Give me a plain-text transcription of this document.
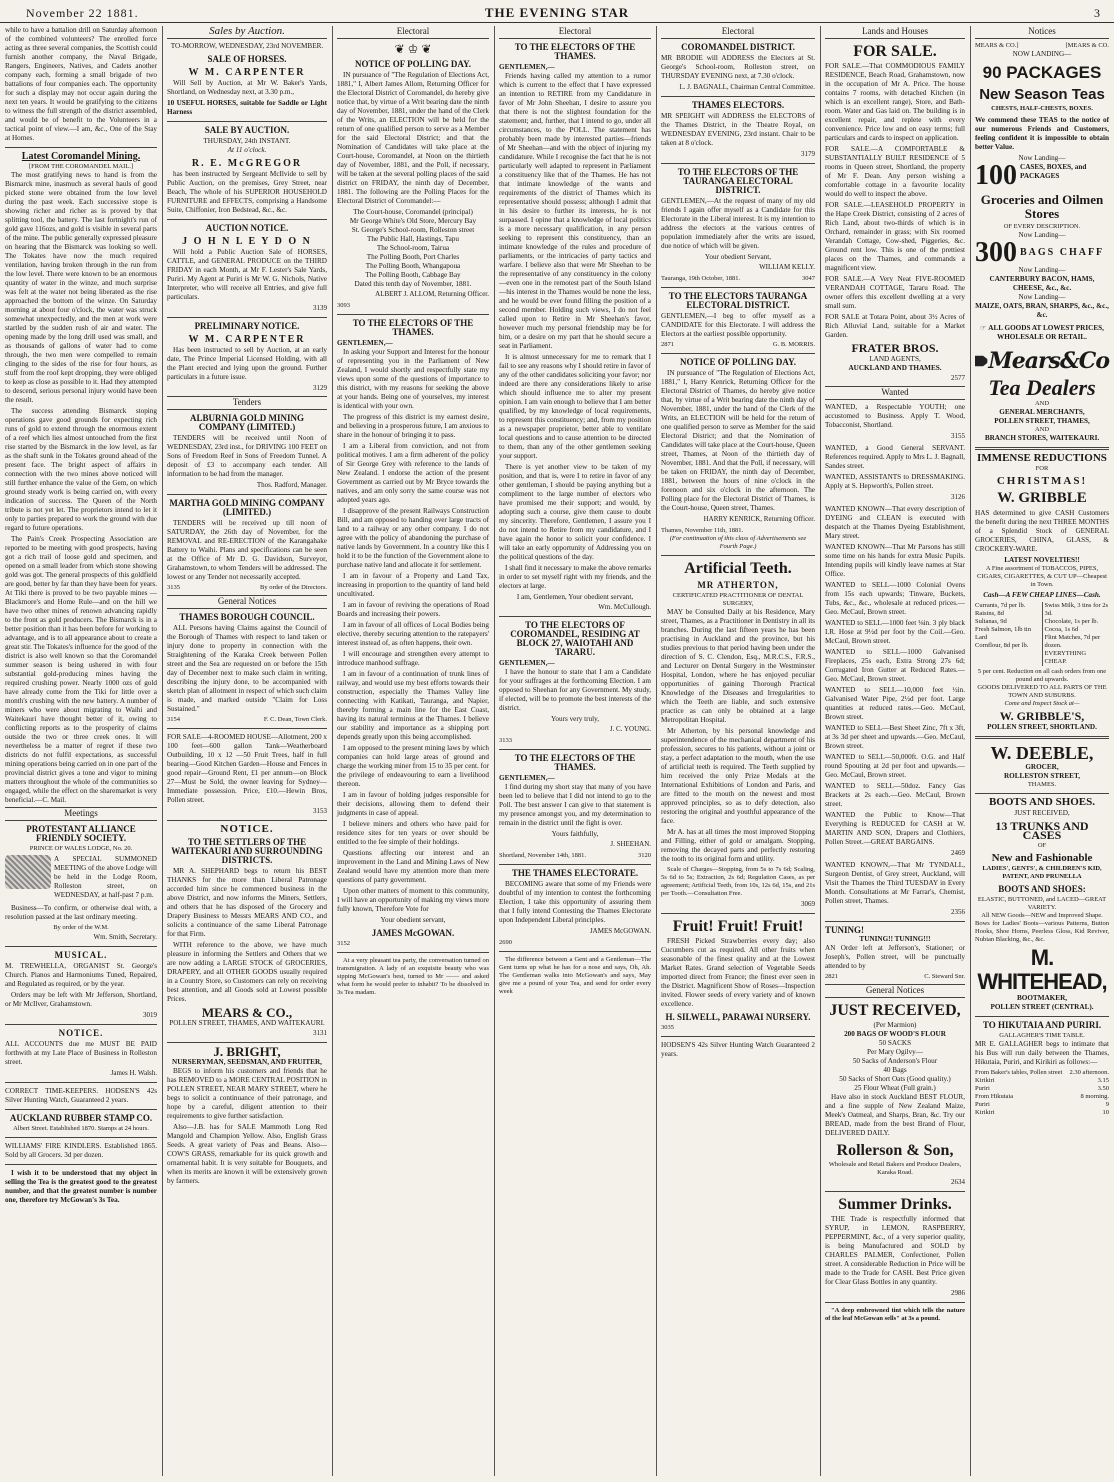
November 22 1881.	THE EVENING STAR	3

while to have a battalion drill on Saturday afternoon of the combined volunteers? The enrolled force acting as three several companies, the Scottish could furnish another company, the Naval Brigade, Rangers, Engineers, Natives, and Cadets another company each, forming a small brigade of two battalions of four companies each. The opportunity for such a display may not occur again during the next ten years. It would be gratifying to the citizens to witness the full strength of the district assembled, and would be of benefit to the Volunteers in a tactical point of view.—I am, &c., One of the Stay at Homes.

Latest Coromandel Mining.
[FROM THE COROMANDEL MAIL.]

The most gratifying news to hand is from the Bismarck mine, inasmuch as several hauls of good picked stone were obtained from the low level during the past week. Each successive stope is showing richer and richer as is proved by that splitting tool, the battery. The last fortnight's run of gold gave 116ozs, and gold is visible in several parts of the mine. The public generally expressed pleasure on hearing that the Bismarck was looking so well. The Tokates have now the much required ventilation, having broken through in the run from the low level. There were known to be an enormous quantity of water in the winze, and much surprise was felt at the water not being liberated as the rise approached the bottom of the winze. On Saturday morning at about four o'clock, the water was struck somewhat unexpectedly, and the men at work were startled by the sudden rush of air and water. The opening made by the long drill used was small, and as thousands of gallons of water had to come through, the two men were compelled to remain clinging to the sides of the rise for four hours, as stuff from the roof kept dropping, they were obliged to keep as close as possible to it. Had they attempted to descend, serious personal injury would have been the result.

The success attending Bismarck stoping operations gave good grounds for expecting rich runs of gold to extend through the enormous extent of a reef which lies almost untouched from the first rise started by the Bismarck in the low level, as far as the shaft sunk in the Tokates ground ahead of the present face. The bright aspect of affairs in connection with the two mines above noticed will still further enhance the value of the Gem, on which ground steady work is being carried on, with every indication of success. The Queen of the North tribute is not yet let. The proprietors intend to let it only to parties prepared to work the ground with due regard to future operations.

The Pain's Creek Prospecting Association are reported to be meeting with good prospects, having got a rich trail of loose gold and specimen, and opened on a small leader from which stone showing gold was got. The general prospects of this goldfield are good, better by far than they have been for years. At Tiki there is proved to be two payable mines — Blackmore's and Home Rule—and on the hill we have two other mines of renown advancing rapidly to the front as gold producers. The Bismarck is in a better position than it has been before for working to advantage, and is to all appearance about to create a great stir. The Tokates's influence for the good of the district is also well known so that the Coromandel summer season is being ushered in with four substantial gold-producing mines having the required crushing power. Nearly 1000 ozs of gold have already come from the Tiki for little over a month's crushing with the new battery. A number of miners who were about migrating to Waihi and Waitekauri have thought better of it, owing to conflicting reports as to the prosperity of claims outside the two or three creek ones. It will nevertheless be a matter of regret if these two districts do not fulfil expectations, as successful mining operations being carried on in one part of the provincial district gives a tone and vigor to mining matters throughout the whole of the communities so engaged, while the effect on the sharemarket is very beneficial.—C. Mail.

Meetings
PROTESTANT ALLIANCE FRIENDLY SOCIETY.
PRINCE OF WALES LODGE, No. 20.

A SPECIAL SUMMONED MEETING of the above Lodge will be held in the Lodge Room, Rolleston street, on WEDNESDAY, at half-past 7 p.m.

Business—To confirm, or otherwise deal with, a resolution passed at the last ordinary meeting.

By order of the W.M.
Wm. Smith, Secretary.
MUSICAL.

M. TREWHELLA, ORGANIST St. George's Church. Pianos and Harmoniums Tuned, Repaired, and Regulated as required, or by the year.

Orders may be left with Mr Jefferson, Shortland, or Mr McIlver, Grahamstown.

3019
NOTICE.

ALL ACCOUNTS due me MUST BE PAID forthwith at my Late Place of Business in Rolleston street.

James H. Walsh.

CORRECT TIME-KEEPERS. HODSEN'S 42s Silver Hunting Watch, Guaranteed 2 years.

AUCKLAND RUBBER STAMP CO.
Albert Street. Established 1870. Stamps at 24 hours.

WILLIAMS' FIRE KINDLERS. Established 1865. Sold by all Grocers. 3d per dozen.

I wish it to be understood that my object in selling the Tea is the greatest good to the greatest number, and that the greatest number is number one, therefore try McGowan's 3s Tea.

Sales by Auction.
TO-MORROW, WEDNESDAY, 23rd NOVEMBER.
SALE OF HORSES.
W M. CARPENTER

Will Sell by Auction, at Mr W. Baker's Yards, Shortland, on Wednesday next, at 3.30 p.m.,

10 USEFUL HORSES, suitable for Saddle or Light Harness

SALE BY AUCTION.
THURSDAY, 24th INSTANT.
At 11 o'clock.
R. E. McGREGOR

has been instructed by Sergeant McIlvide to sell by Public Auction, on the premises, Grey Street, near Beach, The whole of his SUPERIOR HOUSEHOLD FURNITURE and EFFECTS, comprising a Handsome Suite, Chiffonier, Iron Bedstead, &c., &c.

AUCTION NOTICE.
J O H N L E Y D O N

Will hold a Public Auction Sale of HORSES, CATTLE, and GENERAL PRODUCE on the THIRD FRIDAY in each Month, at Mr F. Lester's Sale Yards, Puriri. My Agent at Puriri is Mr W. G. Nichols, Native Interpreter, who will receive all Entries, and give full particulars.

3139
PRELIMINARY NOTICE.
W M. CARPENTER

Has been instructed to sell by Auction, at an early date, The Prince Imperial Licensed Holding, with all the Plant erected and lying upon the ground. Further particulars in a future issue.

3129
Tenders
ALBURNIA GOLD MINING COMPANY (LIMITED.)

TENDERS will be received until Noon of WEDNESDAY, 23rd inst., for DRIVING 100 FEET on Sons of Freedom Reef in Sons of Freedom Tunnel. A deposit of £3 to accompany each tender. All information to be had from the manager.

Thos. Radford, Manager.
MARTHA GOLD MINING COMPANY (LIMITED.)

TENDERS will be received up till noon of SATURDAY, the 26th day of November, for the REMOVAL and RE-ERECTION of the Karangahake Battery to Waihi. Plans and specifications can be seen at the Office of Mr D. G. Davidson, Surveyor, Grahamstown, to whom Tenders will be addressed. The lowest or any Tender not necessarily accepted.

3135	By order of the Directors.
General Notices
THAMES BOROUGH COUNCIL.

ALL Persons having Claims against the Council of the Borough of Thames with respect to land taken or injury done to property in connection with the Straightening of the Karaka Creek between Pollen street and the Sea are requested on or before the 15th day of December next to make such claim in writing, describing the injury done, to be accompanied with sketch plan of allotment in respect of which such claim is made, and marked outside "Claim for Loss Sustained."

3154	F. C. Dean, Town Clerk.

FOR SALE—4-ROOMED HOUSE—Allotment, 200 x 100 feet—600 gallon Tank—Weatherboard Outbuilding, 10 x 12 —50 Fruit Trees, half in full bearing—Good Kitchen Garden—House and Fences in good repair—Ground Rent, £1 per annum—on Block 27—Must be Sold, the owner leaving for Sydney—Immediate possession. Price, £10.—Hewin Bros, Pollen street.

3153
NOTICE.
TO THE SETTLERS OF THE WAITEKAURI AND SURROUNDING DISTRICTS.

MR A. SHEPHARD begs to return his BEST THANKS for the more than Liberal Patronage accorded him since he commenced business in the above District, and now informs the Miners, Settlers, and others that he has disposed of the Grocery and Drapery Business to Messrs MEARS AND CO., and solicits a continuance of the same Liberal Patronage for that Firm.

WITH reference to the above, we have much pleasure in informing the Settlers and Others that we are now adding a LARGE STOCK of GROCERIES, DRAPERY, and all OTHER GOODS usually required in a Country Store, so Customers can rely on receiving best attention, and all Goods sold at Lowest possible Prices.

MEARS & CO.,
POLLEN STREET, THAMES, AND WAITEKAURI.
3131
J. BRIGHT,
NURSERYMAN, SEEDSMAN, AND FRUITER,

BEGS to inform his customers and friends that he has REMOVED to a MORE CENTRAL POSITION in POLLEN STREET, NEAR MARY STREET, where he begs to solicit a continuance of their patronage, and hope by a careful, diligent attention to their requirements to give further satisfaction.

Also—J.B. has for SALE Mammoth Long Red Mangold and Champion Yellow. Also, English Grass Seeds. A great variety of Peas and Beans. Also—COW'S GRASS, remarkable for its quick growth and ornamental habit. It is very suitable for Bouquets, and when its merits are known it will be extensively grown by farmers.

Electoral
❦ ♔ ❦
NOTICE OF POLLING DAY.

IN pursuance of "The Regulation of Elections Act, 1881," I, Albert James Allom, Returning Officer for the Electoral District of Coromandel, do hereby give notice that, by virtue of a Writ bearing date the ninth day of November, 1881, under the hand of the Clerk of the Writs, an ELECTION will be held for the return of one qualified person to serve as a Member for the said Electoral District; and that the Nomination of Candidates will take place at the Court-house, Coromandel, at Noon on the thirtieth day of November, 1881, and the Poll, if necessary, will be taken at the several polling places of the said district on FRIDAY, the ninth day of December, 1881. The following are the Polling Places for the Electoral District of Coromandel:—

The Court-house, Coromandel (principal)
Mr George White's Old Store, Mercury Bay
St. George's School-room, Rolleston street
The Public Hall, Hastings, Tapu
The School-room, Tairua
The Polling Booth, Port Charles
The Polling Booth, Whangapoua
The Polling Booth, Cabbage Bay
Dated this tenth day of November, 1881.
ALBERT J. ALLOM, Returning Officer.
3093
TO THE ELECTORS OF THE THAMES.
GENTLEMEN,—

In asking your Support and Interest for the honour of representing you in the Parliament of New Zealand, I would shortly and respectfully state my views upon some of the questions of importance to this district, with my reasons for seeking the above at your hands. Being one of yourselves, my interest is identical with your own.

The progress of this district is my earnest desire, and believing in a prosperous future, I am anxious to share in the honour of bringing it to pass.

I am a Liberal from conviction, and not from political motives. I am a firm adherent of the policy of Sir George Grey with reference to the lands of New Zealand. I endorse the action of the present Government as carried out by Mr Bryce towards the natives, and am only sorry the same course was not adopted years ago.

I disapprove of the present Railways Construction Bill, and am opposed to handing over large tracts of land to a railway or any other company. I do not agree with the policy of abandoning the purchase of native lands by Government. In a country like this I hold it to be the function of the Government alone to purchase native land and allocate it for settlement.

I am in favour of a Property and Land Tax, increasing in proportion to the quantity of land held uncultivated.

I am in favour of reviving the operations of Road Boards and increasing their powers.

I am in favour of all offices of Local Bodies being elective, thereby securing attention to the ratepayers' interest instead of, as often happens, their own.

I will encourage and strengthen every attempt to introduce manhood suffrage.

I am in favour of a continuation of trunk lines of railway, and would use my best efforts towards their construction, especially the Thames Valley line connecting with Katikati, Tauranga, and Napier, thereby forming a main line for the East Coast, having its natural terminus at the Thames. I believe our stability and importance as a shipping port depends greatly upon this being accomplished.

I am opposed to the present mining laws by which companies can hold large areas of ground and charge the working miner from 15 to 35 per cent. for the privilege of endeavouring to earn a livelihood thereon.

I am in favour of holding judges responsible for their decisions, allowing them to defend their judgments in case of appeal.

I believe miners and others who have paid for residence sites for ten years or over should be entitled to the fee simple of their holdings.

Questions affecting our interest and an improvement in the Land and Mining Laws of New Zealand would have my attention more than mere questions of party government.

Upon other matters of moment to this community, I will have an opportunity of making my views more fully known, Therefore Vote for

Your obedient servant,
JAMES McGOWAN.
3152

At a very pleasant tea party, the conversation turned on transmigration. A lady of an exquisite beauty who was sipping McGowan's best, turned to Mr —— and asked what form he would prefer to inhabit? To be dissolved in 3s Tea madam.

Electoral
TO THE ELECTORS OF THE THAMES.
GENTLEMEN,—

Friends having called my attention to a rumor which is current to the effect that I have expressed an intention to RETIRE from my Candidature in favor of Mr John Sheehan, I desire to assure you that there is not the slightest foundation for the statement; and, further, that I intend to go, under all circumstances, to the POLL. The statement has probably been made by interested parties—friends of Mr Sheehan—and with the object of injuring my candidature. While I recognise the fact that he is not particularly well adapted to represent in Parliament a constituency like that of the Thames. He has not that intimate knowledge of the wants and requirements of the district of Thames which its representative should possess; although I admit that in his desire to further its interests, he is not surpassed. I opine that a knowledge of local politics is a more necessary qualification, in any person seeking to represent this constituency, than an intimate knowledge of the rules and procedure of parliaments, or the intricacies of party tactics and warfare. I believe also that were Mr Sheehan to be the representative of any constituency in the colony—even one in the remotest part of the South Island—his interest in the Thames would be none the less, and he would be ever found filling the position of a second member. Holding such views, I do not feel called upon to Retire in Mr Sheehan's favor, however much my personal friendship may be for him, or a desire on my part that he should secure a seat in Parliament.

It is almost unnecessary for me to remark that I fail to see any reasons why I should retire in favor of any of the other candidates soliciting your favor; nor indeed are there any considerations likely to arise which should influence me to alter my present opinion. I am vain enough to believe that I am better qualified, by my knowledge of local requirements, to represent this constituency; and, from my position as a newspaper proprietor, better able to ventilate local questions and to cause attention to be directed to them, than any of the other gentlemen seeking your support.

There is yet another view to be taken of my position, and that is, were I to retire in favor of any other gentleman, I should be paying anything but a compliment to the large number of electors who have promised me their support; and would, by adopting such a course, give them cause to doubt my sincerity. Therefore, Gentlemen, I assure you I do not intend to Retire from my candidature, and I have again the honor to solicit your confidence. I will take an early opportunity of Addressing you on the political questions of the day.

I shall find it necessary to make the above remarks in order to set myself right with my friends, and the electors at large.

I am, Gentlemen, Your obedient servant,
Wm. McCullough.
TO THE ELECTORS OF COROMANDEL, RESIDING AT BLOCK 27, WAIOTAHI AND TARARU.
GENTLEMEN,—

I have the honour to state that I am a Candidate for your suffrages at the forthcoming Election. I am opposed to Sheehan for any Government. My study, if elected, will be to promote the best interests of the district.

Yours very truly,
J. C. YOUNG.
3133
TO THE ELECTORS OF THE THAMES.
GENTLEMEN,—

I find during my short stay that many of you have been led to believe that I did not intend to go to the Poll. The best answer I can give to that statement is my presence amongst you, and my determination to remain in the district until the fight is over.

Yours faithfully,
J. SHEEHAN.
Shortland, November 14th, 1881.	3120
THE THAMES ELECTORATE.

BECOMING aware that some of my Friends were doubtful of my intention to contest the forthcoming Election, I take this opportunity of assuring them that I fully intend Contesting the Thames Electorate upon Independent Liberal principles.

JAMES McGOWAN.
2690

The difference between a Gent and a Gentleman—The Gent turns up what he has for a nose and says, Oh, Ah. The Gentleman walks into McGowan's and says, May give me a pound of your Tea, and send for order every week

Electoral
COROMANDEL DISTRICT.

MR BRODIE will ADDRESS the Electors at St. George's School-room, Rolleston street, on THURSDAY EVENING next, at 7.30 o'clock.

L. J. BAGNALL, Chairman Central Committee.
THAMES ELECTORS.

MR SPEIGHT will ADDRESS the ELECTORS of the Thames District, in the Theatre Royal, on WEDNESDAY EVENING, 23rd instant. Chair to be taken at 8 o'clock.

3179
TO THE ELECTORS OF THE TAURANGA ELECTORAL DISTRICT.

GENTLEMEN,—At the request of many of my old friends I again offer myself as a Candidate for this Electorate in the Liberal interest. It is my intention to address the electors at the various centres of population immediately after the writs are issued, due notice of which will be given.

Your obedient Servant,
WILLIAM KELLY.
Tauranga, 19th October, 1881.	3047
TO THE ELECTORS TAURANGA ELECTORAL DISTRICT.

GENTLEMEN,—I beg to offer myself as a CANDIDATE for this Electorate. I will address the Electors at the earliest possible opportunity.

2871	G. B. MORRIS.
NOTICE OF POLLING DAY.

IN pursuance of "The Regulation of Elections Act, 1881," I, Harry Kenrick, Returning Officer for the Electoral District of Thames, do hereby give notice that, by virtue of a Writ bearing date the ninth day of November, 1881, under the hand of the Clerk of the Writs, an ELECTION will be held for the return of one qualified person to serve as Member for the said Electoral District; and that the Nomination of Candidates will take place at the Court-house, Queen street, Thames, at Noon of the thirtieth day of November, 1881. And that the Poll, if necessary, will be taken on FRIDAY, the ninth day of December, 1881, between the hours of nine o'clock in the forenoon and six o'clock in the afternoon. The Polling place for the Electoral District of Thames, is the Court-house, Queen street, Thames.

HARRY KENRICK, Returning Officer.
Thames, November 11th, 1881.
(For continuation of this class of Advertisements see Fourth Page.)
Artificial Teeth.
MR ATHERTON,
CERTIFICATED PRACTITIONER OF DENTAL SURGERY,

MAY be Consulted Daily at his Residence, Mary street, Thames, as a Practitioner in Dentistry in all its branches. During the last fifteen years he has been practising in Auckland and the province, but his studies previous to that period having been under the direction of S. C. Clendon, Esq., M.R.C.S., F.R.S., and Lecturer on Dental Surgery in the Westminster Hospital, London, where he has enjoyed peculiar opportunities of gaining Thorough Practical Knowledge of the Diseases and Irregularities to which the Teeth are liable, and such extensive practice as can only be obtained at a large Metropolitan Hospital.

Mr Atherton, by his personal knowledge and superintendence of the mechanical department of his profession, secures to his patients, without a joint or stay, a perfect adaptation to the mouth, when the use of artificial teeth is required. The Teeth supplied by him received the only Prize Medals at the International Exhibitions of London and Paris, and are fitted to the mouth on the newest and most approved principles, so as to defy detection, also restoring the original and youthful appearance of the face.

Mr A. has at all times the most improved Stopping and Filling, either of gold or amalgam. Stopping, removing the decayed parts and perfectly restoring the tooth to its original form and utility.

Scale of Charges—Stopping, from 5s to 7s 6d; Scaling, 5s 6d to 5s; Extraction, 2s 6d; Regulation Cases, as per agreement; Artificial Teeth, from 10s, 12s 6d, 15s, and 21s per Tooth.—Consultation Free.

3069
Fruit! Fruit! Fruit!

FRESH Picked Strawberries every day; also Cucumbers cut as required. All other fruits when seasonable of the finest quality and at the Lowest Market Rates. Grand selection of Vegetable Seeds imported direct from France; the finest ever seen in the District. Magnificent Show of Roses—Inspection invited. Flower seeds of every variety and of known excellence.

H. SILWELL, PARAWAI NURSERY.
3035

HODSEN'S 42s Silver Hunting Watch Guaranteed 2 years.

Lands and Houses
FOR SALE.

FOR SALE.—That COMMODIOUS FAMILY RESIDENCE, Beach Road, Grahamstown, now in the occupation of Mr A. Price. The house contains 7 rooms, with detached Kitchen (in which is an excellent range), Store, and Bath-room. Water and Gas laid on. The building is in excellent repair, and replete with every convenience. Price low and on easy terms; full particulars and cards to inspect on application.

FOR SALE.—A COMFORTABLE & SUBSTANTIALLY BUILT RESIDENCE of 5 rooms in Queen street, Shortland, the property of Mr F. Dean. Any person wishing a comfortable cottage in a favourite locality would do well to inspect the above.

FOR SALE.—LEASEHOLD PROPERTY in the Hape Creek District, consisting of 2 acres of Rich Land, about two-thirds of which is in Orchard, remainder in grass; with Six roomed Verandah Cottage, Cow-shed, Piggeries, &c. Ground rent low. This is one of the prettiest places on the Thames, and commands a magnificent view.

FOR SALE.—A Very Neat FIVE-ROOMED VERANDAH COTTAGE, Tararu Road. The owner offers this excellent dwelling at a very small sum.

FOR SALE at Totara Point, about 3½ Acres of Rich Alluvial Land, suitable for a Market Garden.

FRATER BROS.
LAND AGENTS,
AUCKLAND AND THAMES.
2577
Wanted

WANTED, a Respectable YOUTH; one accustomed to Business. Apply T. Wood, Tobacconist, Shortland.

3155

WANTED, a Good General SERVANT. References required. Apply to Mrs L. J. Bagnall, Sandes street.

WANTED, ASSISTANTS to DRESSMAKING. Apply at S. Hepworth's, Pollen street.

3126

WANTED KNOWN—That every description of DYEING and CLEAN is executed with despatch at the Thames Dyeing Establishment, Mary street.

WANTED KNOWN—That Mr Parsons has still some time on his hands for extra Music Pupils. Intending pupils will kindly leave names at Star Office.

WANTED to SELL—1000 Colonial Ovens from 15s each upwards; Tinware, Buckets, Tubs, &c., &c., wholesale at reduced prices.—Geo. McCaul, Brown street.

WANTED to SELL—1000 feet ⅛in. 3 ply black I.R. Hose at 9½d per foot by the Coil.—Geo. McCaul, Brown street.

WANTED to SELL—1000 Galvanised Fireplaces, 25s each, Extra Strong 27s 6d; Corrugated Iron Gutter at Reduced Rates.—Geo. McCaul, Brown street.

WANTED to SELL—10,000 feet ½in. Galvanised Water Pipe, 2½d per foot. Large quantities at reduced rates.—Geo. McCaul, Brown street.

WANTED to SELL—Best Sheet Zinc, 7ft x 3ft, at 3s 3d per sheet and upwards.—Geo. McCaul, Brown street.

WANTED to SELL—50,000ft. O.G. and Half round Spouting at 2d per foot and upwards.—Geo. McCaul, Brown street.

WANTED to SELL—50doz. Fancy Gas Brackets at 2s each.—Geo. McCaul, Brown street.

WANTED the Public to Know—That Everything is REDUCED for CASH at W. MARTIN AND SON, Drapers and Clothiers, Pollen Street.—GREAT BARGAINS.

2469

WANTED KNOWN,—That Mr TYNDALL, Surgeon Dentist, of Grey street, Auckland, will Visit the Thames the Third TUESDAY in Every Month. Consultations at Mr Farrar's, Chemist, Pollen street, Thames.

2356
TUNING!
TUNING!! TUNING!!!

AN Order left at Jefferson's, Stationer; or Joseph's, Pollen street, will be punctually attended to by

2821	C. Steward Snr.
General Notices
JUST RECEIVED,
(Per Marmion)
200 BAGS OF WOOD'S FLOUR
50 SACKS
Per Mary Ogilvy—
50 Sacks of Anderson's Flour
40 Bags
50 Sacks of Short Oats (Good quality.)
25 Flour Wheat (Full grain.)

Have also in stock Auckland BEST FLOUR, and a fine supple of New Zealand Maize, Meek's Oatmeal, and Sharps, Bran, &c. Try our BREAD, made from the best Brand of Flour, DELIVERED DAILY.

Rollerson & Son,
Wholesale and Retail Bakers and Produce Dealers, Karaka Road.
2634
Summer Drinks.

THE Trade is respectfully informed that SYRUP, in LEMON, RASPBERRY, PEPPERMINT, &c., of a very superior quality, is being Manufactured and SOLD by CHARLES PALMER, Confectioner, Pollen street. A considerable Reduction in Price will be made to the Trade for CASH. Best Price given for Clear Glass Bottles in any quantity.

2986

"A deep embrowned tint which tells the nature of the leaf McGowan sells" at 3s a pound.

Notices
MEARS & CO.]	[MEARS & CO.
NOW LANDING—
90 PACKAGES
New Season Teas
CHESTS, HALF-CHESTS, BOXES.

We commend these TEAS to the notice of our numerous Friends and Customers, feeling confident it is impossible to obtain better Value.

Now Landing—
100 CASES, BOXES, and PACKAGES
Groceries and Oilmen Stores
OF EVERY DESCRIPTION.
Now Landing—
300 BAGS CHAFF
Now Landing—
CANTERBURY BACON, HAMS, CHEESE, &c., &c.
Now Landing—
MAIZE, OATS, BRAN, SHARPS, &c., &c., &c.
☞ ALL GOODS AT LOWEST PRICES,
WHOLESALE OR RETAIL.
Mears&Co
Tea Dealers
AND
GENERAL MERCHANTS,
POLLEN STREET, THAMES,
AND
BRANCH STORES, WAITEKAURI.
IMMENSE REDUCTIONS
FOR
CHRISTMAS!
W. GRIBBLE

HAS determined to give CASH Customers the benefit during the next THREE MONTHS of a Splendid Stock of GENERAL GROCERIES, CHINA, GLASS, & CROCKERY-WARE.

LATEST NOVELTIES!!
A Fine assortment of TOBACCOS, PIPES, CIGARS, CIGARETTES, & CUT UP—Cheapest in Town.
Cash—A FEW CHEAP LINES—Cash.
Currants, 7d per lb.
Raisins, 8d
Sultanas, 9d
Fresh Salmon, 1lb tin
Lard
Cornflour, 8d per lb.
Swiss Milk, 3 tins for 2s 3d.
Chocolate, 1s per lb.
Cocoa, 1s 6d
Flint Matches, 7d per dozen.
EVERYTHING CHEAP.
5 per cent. Reduction on all cash orders from one pound and upwards.
GOODS DELIVERED TO ALL PARTS OF THE TOWN AND SUBURBS.
Come and Inspect Stock at—
W. GRIBBLE'S,
POLLEN STREET, SHORTLAND.
W. DEEBLE,
GROCER,
ROLLESTON STREET,
THAMES.
BOOTS AND SHOES.
JUST RECEIVED,
13 TRUNKS AND CASES
OF
New and Fashionable
LADIES', GENTS', & CHILDREN'S KID, PATENT, AND PRUNELLA
BOOTS AND SHOES:
ELASTIC, BUTTONED, and LACED—GREAT VARIETY.
All NEW Goods—NEW and Improved Shape.

Bows for Ladies' Boots—various Patterns, Button Hooks, Shoe Horns, Peerless Gloss, Kid Reviver, Nubian Blacking, &c., &c.

M. WHITEHEAD,
BOOTMAKER,
POLLEN STREET (CENTRAL).
TO HIKUTAIA AND PURIRI.
GALLAGHER'S TIME TABLE.

MR E. GALLAGHER begs to intimate that his Bus will run daily between the Thames, Hikutaia, Puriri, and Kirikiri as follows:—

From Baker's tables, Pollen street 2.30 afternoon.
Kirikiri	3.15
Puriri	3.50
From Hikutaia	8 morning.
Puriri	9
Kirikiri	10
